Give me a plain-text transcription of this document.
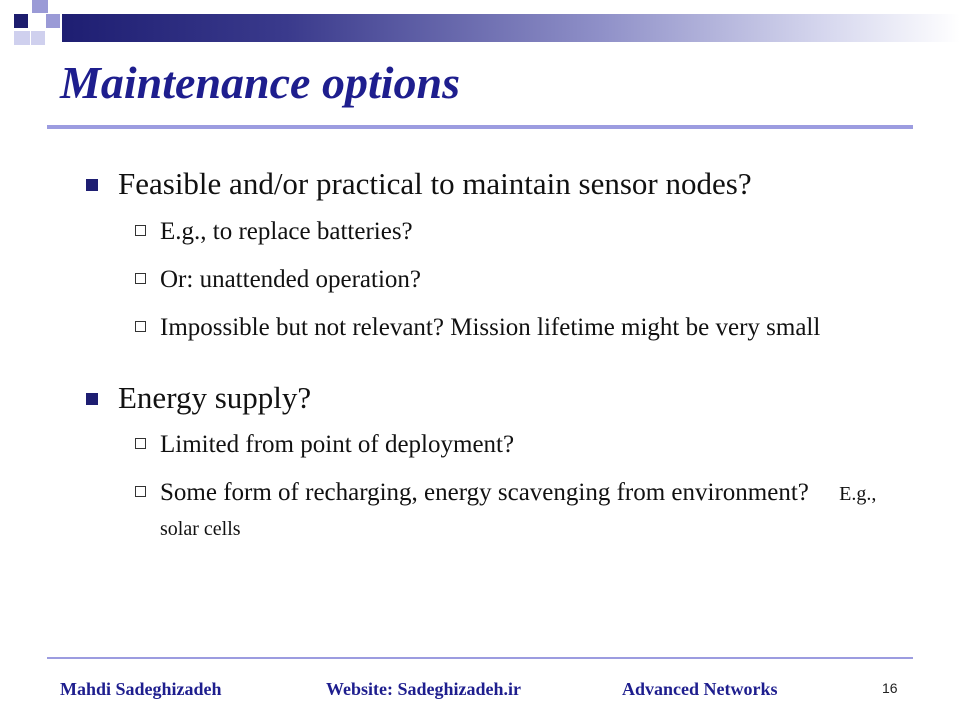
Maintenance options
Feasible and/or practical to maintain sensor nodes?
E.g., to replace batteries?
Or: unattended operation?
Impossible but not relevant? Mission lifetime might be very small
Energy supply?
Limited from point of deployment?
Some form of recharging, energy scavenging from environment? E.g., solar cells
Mahdi Sadeghizadeh	Website: Sadeghizadeh.ir	Advanced Networks	16
